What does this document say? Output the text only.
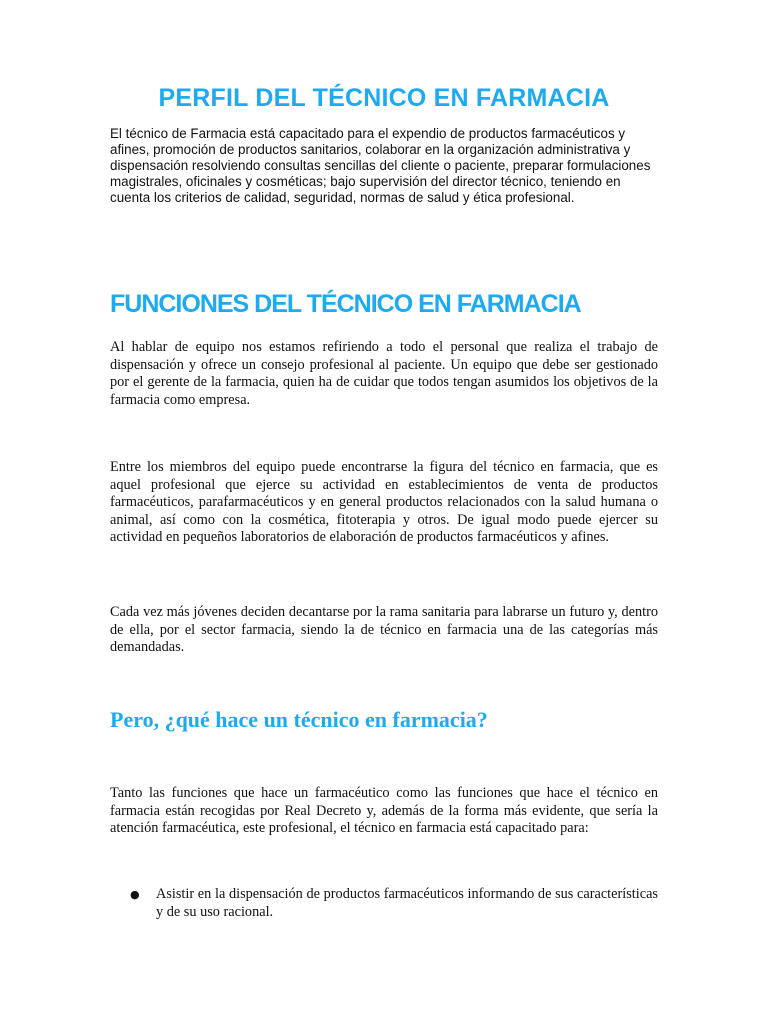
PERFIL DEL TÉCNICO EN FARMACIA

El técnico de Farmacia está capacitado para el expendio de productos farmacéuticos y afines, promoción de productos sanitarios, colaborar en la organización administrativa y dispensación resolviendo consultas sencillas del cliente o paciente, preparar formulaciones magistrales, oficinales y cosméticas; bajo supervisión del director técnico, teniendo en cuenta los criterios de calidad, seguridad, normas de salud y ética profesional.

FUNCIONES DEL TÉCNICO EN FARMACIA

Al hablar de equipo nos estamos refiriendo a todo el personal que realiza el trabajo de dispensación y ofrece un consejo profesional al paciente. Un equipo que debe ser gestionado por el gerente de la farmacia, quien ha de cuidar que todos tengan asumidos los objetivos de la farmacia como empresa.

Entre los miembros del equipo puede encontrarse la figura del técnico en farmacia, que es aquel profesional que ejerce su actividad en establecimientos de venta de productos farmacéuticos, parafarmacéuticos y en general productos relacionados con la salud humana o animal, así como con la cosmética, fitoterapia y otros. De igual modo puede ejercer su actividad en pequeños laboratorios de elaboración de productos farmacéuticos y afines.

Cada vez más jóvenes deciden decantarse por la rama sanitaria para labrarse un futuro y, dentro de ella, por el sector farmacia, siendo la de técnico en farmacia una de las categorías más demandadas.

Pero, ¿qué hace un técnico en farmacia?

Tanto las funciones que hace un farmacéutico como las funciones que hace el técnico en farmacia están recogidas por Real Decreto y, además de la forma más evidente, que sería la atención farmacéutica, este profesional, el técnico en farmacia está capacitado para:

● Asistir en la dispensación de productos farmacéuticos informando de sus características y de su uso racional.
